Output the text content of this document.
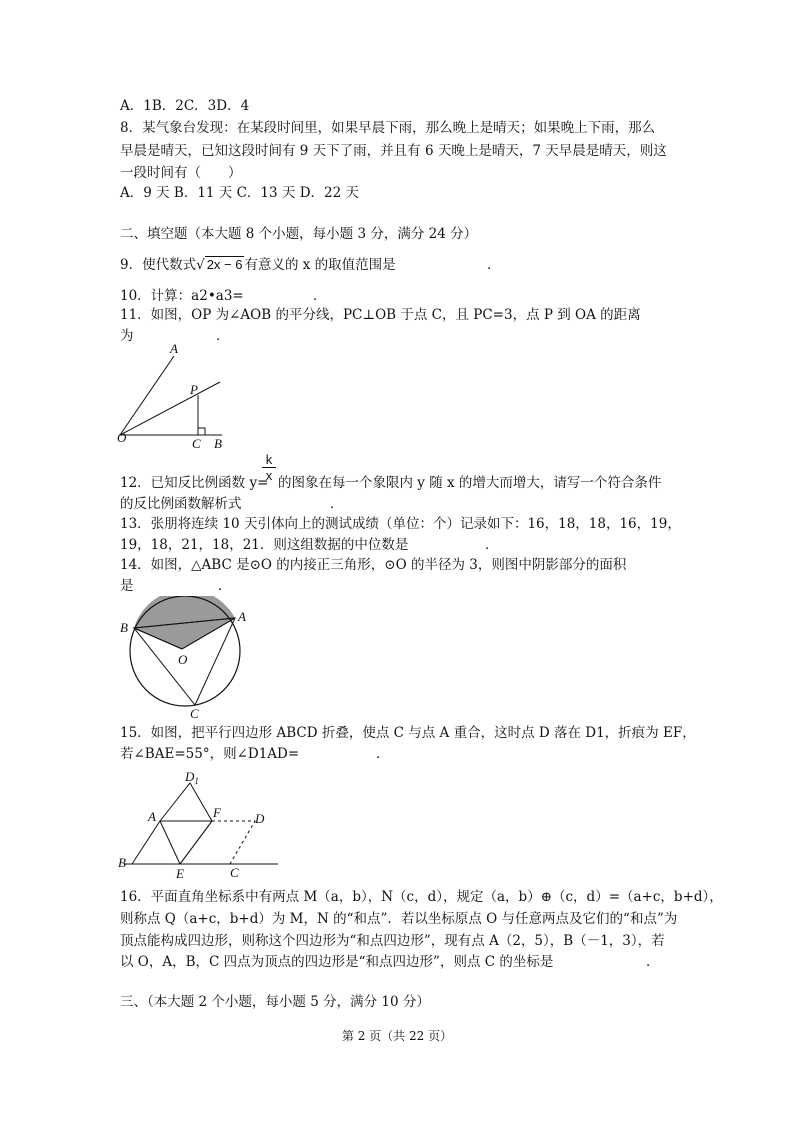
A．1B．2C．3D．4
8．某气象台发现：在某段时间里，如果早晨下雨，那么晚上是晴天；如果晚上下雨，那么
早晨是晴天，已知这段时间有 9 天下了雨，并且有 6 天晚上是晴天，7 天早晨是晴天，则这
一段时间有（　　）
A．9 天 B．11 天 C．13 天 D．22 天
二、填空题（本大题 8 个小题，每小题 3 分，满分 24 分）
9．使代数式√ 2x − 6 有意义的 x 的取值范围是	．
10．计算：a2•a3=	．
11．如图，OP 为∠AOB 的平分线，PC⊥OB 于点 C，且 PC=3，点 P 到 OA 的距离
为	．
A
P
O	C B
$\frac{k}{x}$
12．已知反比例函数 y= 的图象在每一个象限内 y 随 x 的增大而增大，请写一个符合条件
的反比例函数解析式	．
13．张朋将连续 10 天引体向上的测试成绩（单位：个）记录如下：16，18，18，16，19，
19，18，21，18，21．则这组数据的中位数是	．
14．如图，△ABC 是⊙O 的内接正三角形，⊙O 的半径为 3，则图中阴影部分的面积
是	．
B
A
O
C
15．如图，把平行四边形 ABCD 折叠，使点 C 与点 A 重合，这时点 D 落在 D1，折痕为 EF，
若∠BAE=55°，则∠D1AD=	．
$D_1$
A	F	D
B
E	C
16．平面直角坐标系中有两点 M（a，b），N（c，d），规定（a，b）⊕（c，d）=（a+c，b+d），
则称点 Q（a+c，b+d）为 M，N 的“和点”．若以坐标原点 O 与任意两点及它们的“和点”为
顶点能构成四边形，则称这个四边形为“和点四边形”，现有点 A（2，5），B（－1，3），若
以 O，A，B，C 四点为顶点的四边形是“和点四边形”，则点 C 的坐标是	．
三、（本大题 2 个小题，每小题 5 分，满分 10 分）
第 2 页（共 22 页）
